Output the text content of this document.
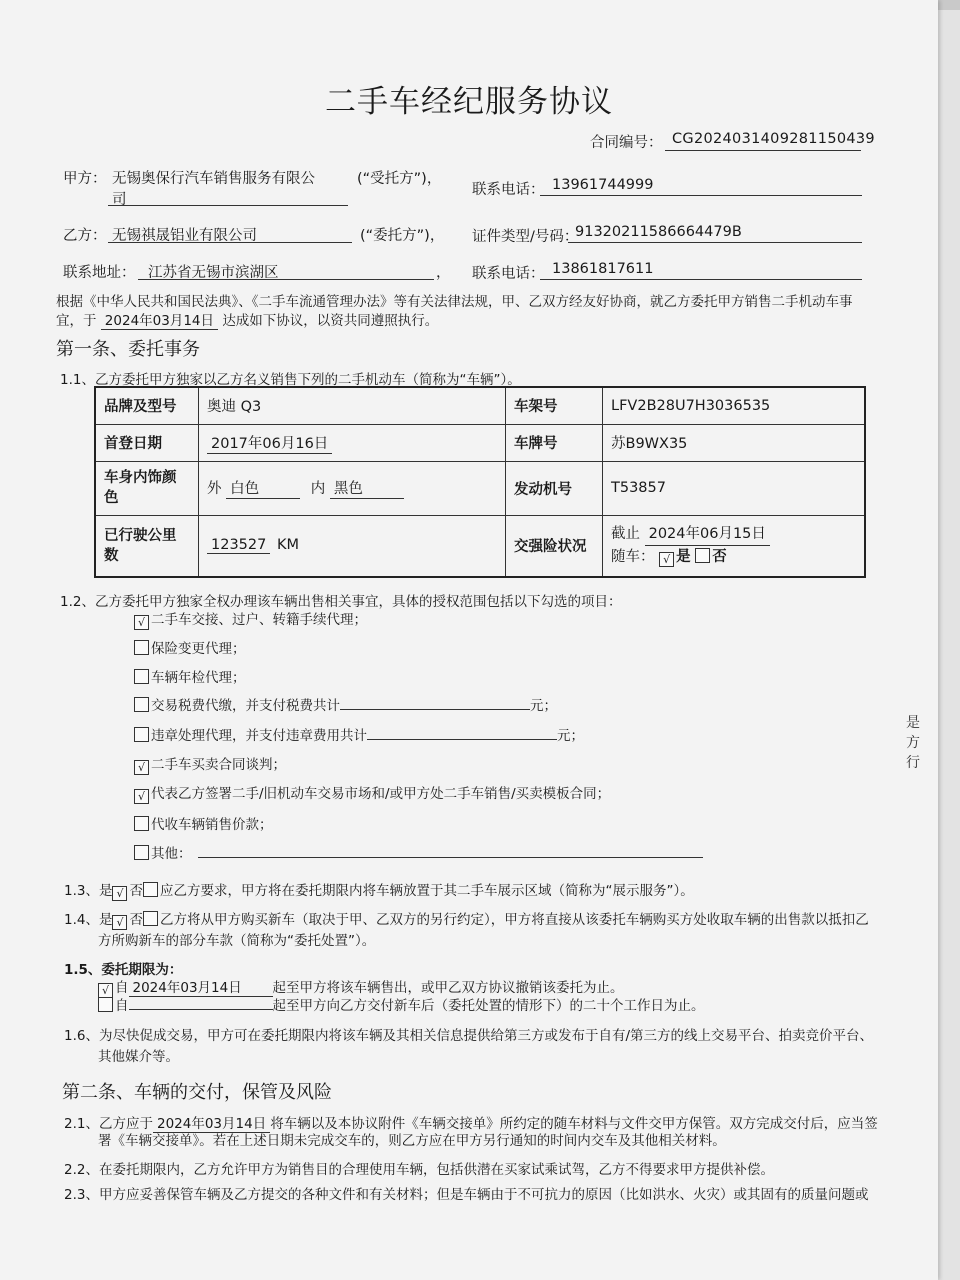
二手车经纪服务协议
合同编号： CG2024031409281150439
甲方： 无锡奥保行汽车销售服务有限公
司
(“受托方”)，
联系电话： 13961744999
乙方： 无锡祺晟铝业有限公司	(“委托方”)， 证件类型/号码：
91320211586664479B
联系地址： 江苏省无锡市滨湖区	， 联系电话： 13861817611
根据《中华人民共和国民法典》、《二手车流通管理办法》等有关法律法规，甲、乙双方经友好协商，就乙方委托甲方销售二手机动车事
宜，于 2024年03月14日 达成如下协议，以资共同遵照执行。
第一条、委托事务
1.1、乙方委托甲方独家以乙方名义销售下列的二手机动车（简称为“车辆”）。
品牌及型号	奥迪 Q3	车架号	LFV2B28U7H3036535
首登日期	2017年06月16日	车牌号	苏B9WX35
车身内饰颜色	外 白色 内 黑色	发动机号	T53857
已行驶公里数	123527 KM	交强险状况	截止 2024年06月15日
随车： √ 是 否
1.2、乙方委托甲方独家全权办理该车辆出售相关事宜，具体的授权范围包括以下勾选的项目：
√ 二手车交接、过户、转籍手续代理；
保险变更代理；
车辆年检代理；
交易税费代缴，并支付税费共计	元；
违章处理代理，并支付违章费用共计	元；
√ 二手车买卖合同谈判；
√ 代表乙方签署二手/旧机动车交易市场和/或甲方处二手车销售/买卖模板合同；
代收车辆销售价款；
其他：
1.3、是 √ 否 应乙方要求，甲方将在委托期限内将车辆放置于其二手车展示区域（简称为“展示服务”）。
1.4、是 √ 否 乙方将从甲方购买新车（取决于甲、乙双方的另行约定），甲方将直接从该委托车辆购买方处收取车辆的出售款以抵扣乙
方所购新车的部分车款（简称为“委托处置”）。
1.5、委托期限为：
√ 自 2024年03月14日 起至甲方将该车辆售出，或甲乙双方协议撤销该委托为止。
自	起至甲方向乙方交付新车后（委托处置的情形下）的二十个工作日为止。
1.6、为尽快促成交易，甲方可在委托期限内将该车辆及其相关信息提供给第三方或发布于自有/第三方的线上交易平台、拍卖竞价平台、
其他媒介等。
第二条、车辆的交付，保管及风险
2.1、乙方应于 2024年03月14日 将车辆以及本协议附件《车辆交接单》所约定的随车材料与文件交甲方保管。双方完成交付后，应当签
署《车辆交接单》。若在上述日期未完成交车的，则乙方应在甲方另行通知的时间内交车及其他相关材料。
2.2、在委托期限内，乙方允许甲方为销售目的合理使用车辆，包括供潜在买家试乘试驾，乙方不得要求甲方提供补偿。
2.3、甲方应妥善保管车辆及乙方提交的各种文件和有关材料；但是车辆由于不可抗力的原因（比如洪水、火灾）或其固有的质量问题或
是
方
行
